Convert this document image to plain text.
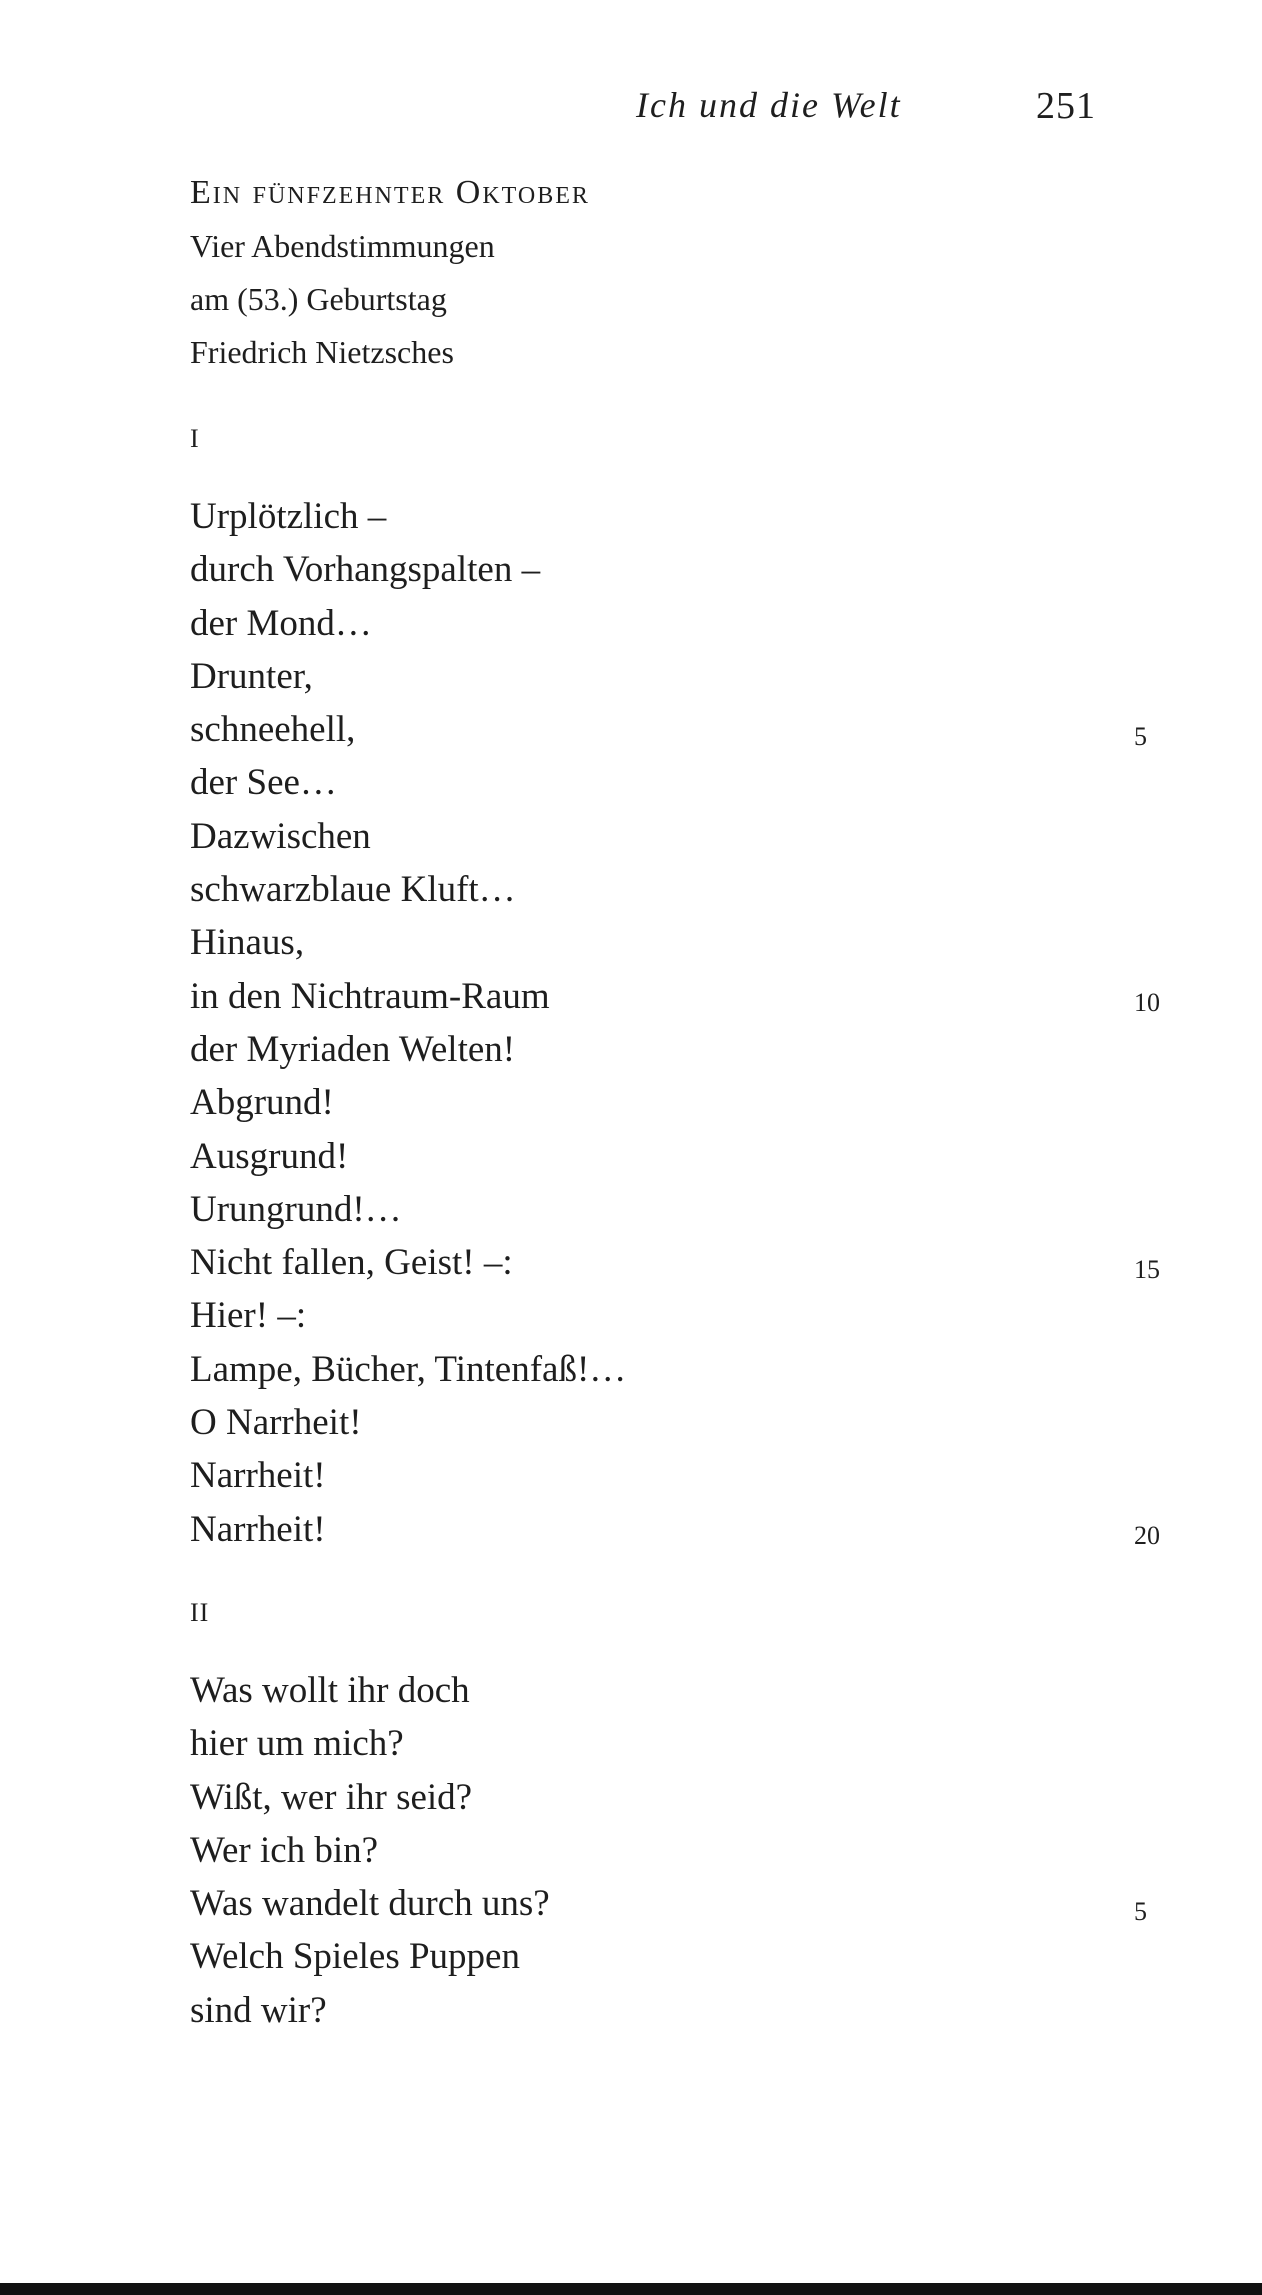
Ich und die Welt	251
Ein fünfzehnter Oktober
Vier Abendstimmungen
am (53.) Geburtstag
Friedrich Nietzsches
I
Urplötzlich –
durch Vorhangspalten –
der Mond…
Drunter,
schneehell,
der See…
Dazwischen
schwarzblaue Kluft…
Hinaus,
in den Nichtraum-Raum
der Myriaden Welten!
Abgrund!
Ausgrund!
Urungrund!…
Nicht fallen, Geist! –:
Hier! –:
Lampe, Bücher, Tintenfaß!…
O Narrheit!
Narrheit!
Narrheit!
5
10
15
20
II
Was wollt ihr doch
hier um mich?
Wißt, wer ihr seid?
Wer ich bin?
Was wandelt durch uns?
Welch Spieles Puppen
sind wir?
5
